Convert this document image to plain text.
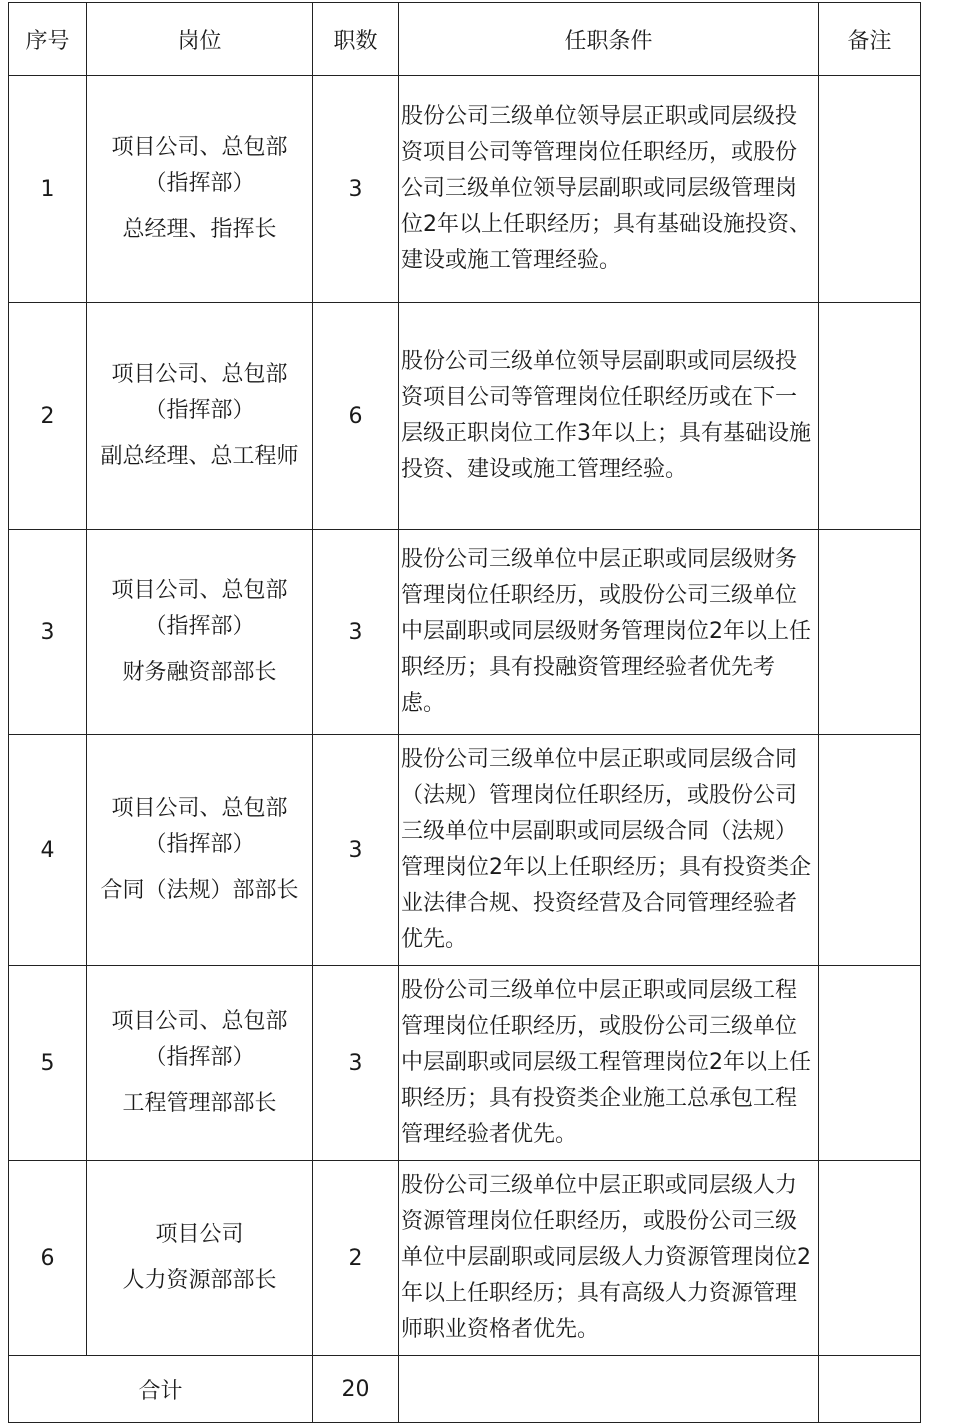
序号	岗位	职数	任职条件	备注
1	项目公司、总包部
（指挥部）
总经理、指挥长	3	股份公司三级单位领导层正职或同层级投资项目公司等管理岗位任职经历，或股份公司三级单位领导层副职或同层级管理岗位2年以上任职经历；具有基础设施投资、建设或施工管理经验。	
2	项目公司、总包部
（指挥部）
副总经理、总工程师	6	股份公司三级单位领导层副职或同层级投资项目公司等管理岗位任职经历或在下一层级正职岗位工作3年以上；具有基础设施投资、建设或施工管理经验。	
3	项目公司、总包部
（指挥部）
财务融资部部长	3	股份公司三级单位中层正职或同层级财务管理岗位任职经历，或股份公司三级单位中层副职或同层级财务管理岗位2年以上任职经历；具有投融资管理经验者优先考虑。	
4	项目公司、总包部
（指挥部）
合同（法规）部部长	3	股份公司三级单位中层正职或同层级合同（法规）管理岗位任职经历，或股份公司三级单位中层副职或同层级合同（法规）管理岗位2年以上任职经历；具有投资类企业法律合规、投资经营及合同管理经验者优先。	
5	项目公司、总包部
（指挥部）
工程管理部部长	3	股份公司三级单位中层正职或同层级工程管理岗位任职经历，或股份公司三级单位中层副职或同层级工程管理岗位2年以上任职经历；具有投资类企业施工总承包工程管理经验者优先。	
6	项目公司
人力资源部部长	2	股份公司三级单位中层正职或同层级人力资源管理岗位任职经历，或股份公司三级单位中层副职或同层级人力资源管理岗位2年以上任职经历；具有高级人力资源管理师职业资格者优先。	
合计		20		
